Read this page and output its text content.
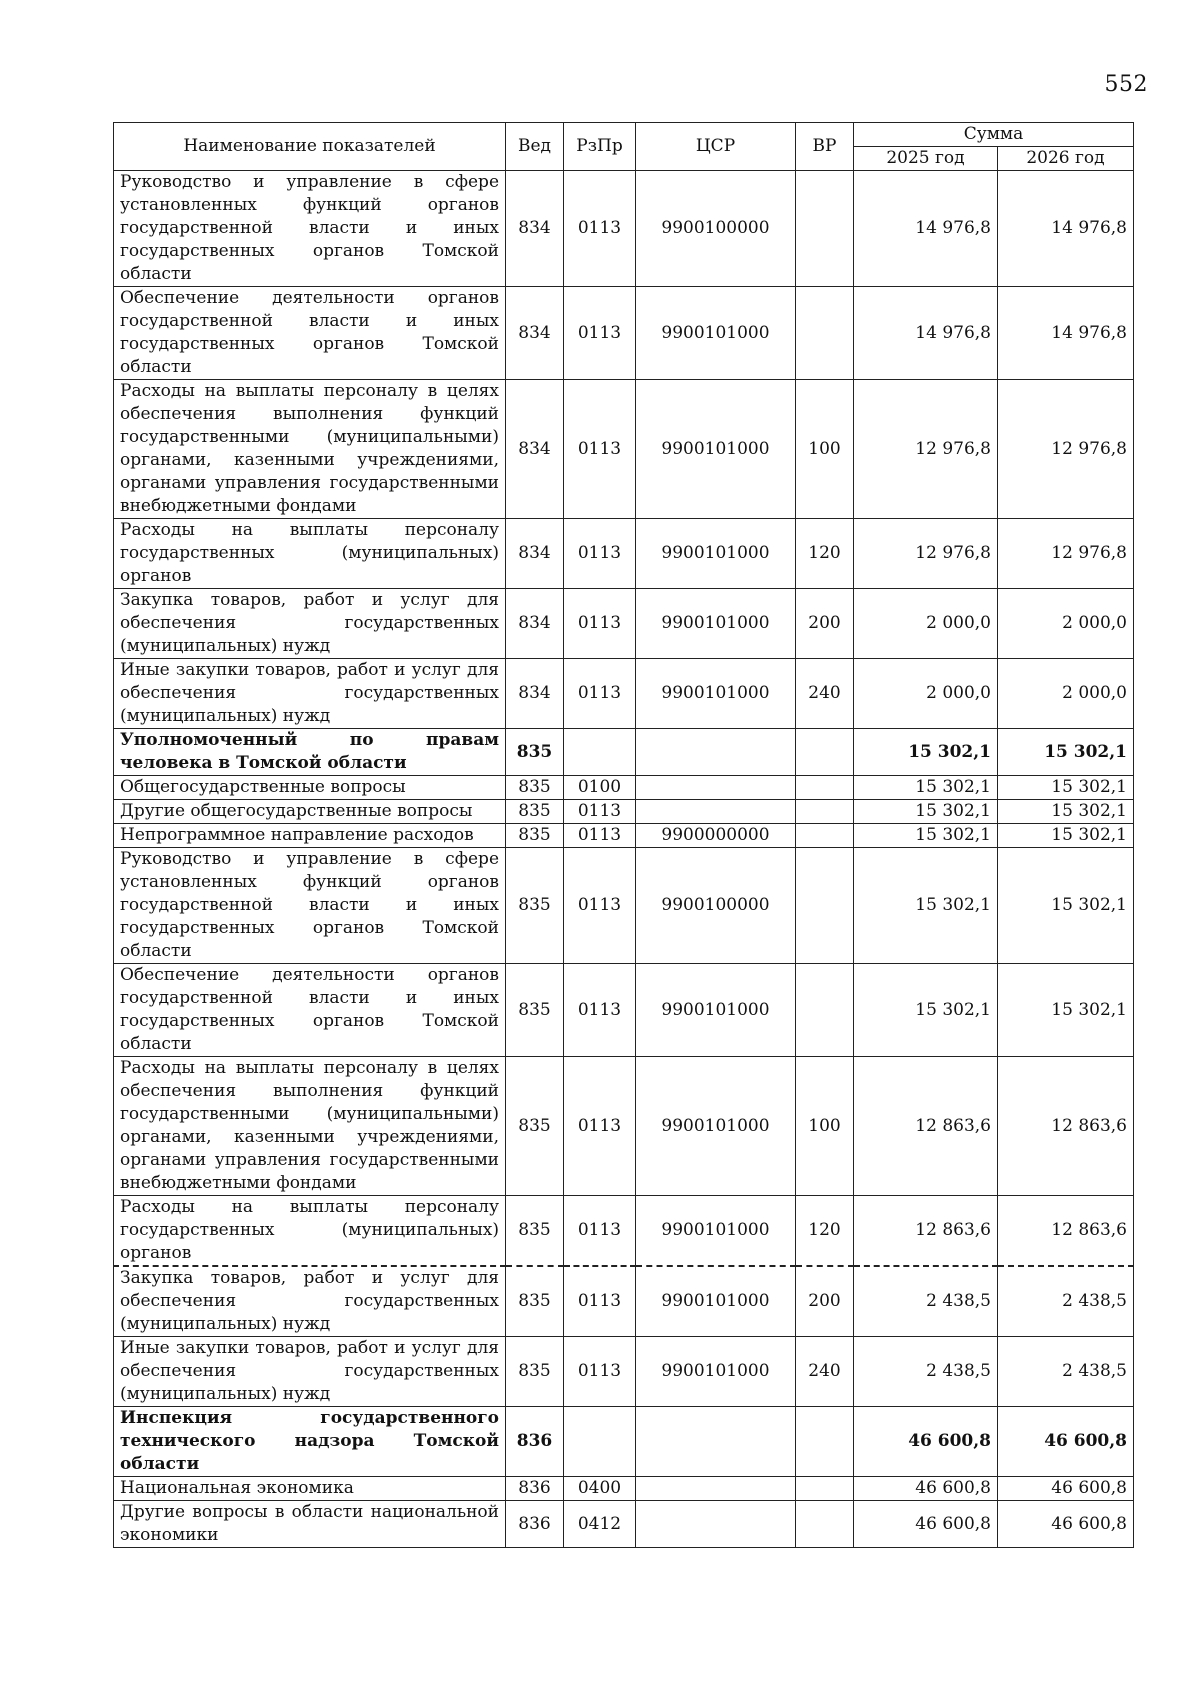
552
Наименование показателей	Вед	РзПр	ЦСР	ВР	Сумма	
					2025 год	2026 год
Руководство и управление в сфере установленных функций органов государственной власти и иных государственных органов Томской области	834	0113	9900100000		14 976,8	14 976,8
Обеспечение деятельности органов государственной власти и иных государственных органов Томской области	834	0113	9900101000		14 976,8	14 976,8
Расходы на выплаты персоналу в целях обеспечения выполнения функций государственными (муниципальными) органами, казенными учреждениями, органами управления государственными внебюджетными фондами	834	0113	9900101000	100	12 976,8	12 976,8
Расходы на выплаты персоналу государственных (муниципальных) органов	834	0113	9900101000	120	12 976,8	12 976,8
Закупка товаров, работ и услуг для обеспечения государственных (муниципальных) нужд	834	0113	9900101000	200	2 000,0	2 000,0
Иные закупки товаров, работ и услуг для обеспечения государственных (муниципальных) нужд	834	0113	9900101000	240	2 000,0	2 000,0
Уполномоченный по правам человека в Томской области	835				15 302,1	15 302,1
Общегосударственные вопросы	835	0100			15 302,1	15 302,1
Другие общегосударственные вопросы	835	0113			15 302,1	15 302,1
Непрограммное направление расходов	835	0113	9900000000		15 302,1	15 302,1
Руководство и управление в сфере установленных функций органов государственной власти и иных государственных органов Томской области	835	0113	9900100000		15 302,1	15 302,1
Обеспечение деятельности органов государственной власти и иных государственных органов Томской области	835	0113	9900101000		15 302,1	15 302,1
Расходы на выплаты персоналу в целях обеспечения выполнения функций государственными (муниципальными) органами, казенными учреждениями, органами управления государственными внебюджетными фондами	835	0113	9900101000	100	12 863,6	12 863,6
Расходы на выплаты персоналу государственных (муниципальных) органов	835	0113	9900101000	120	12 863,6	12 863,6
Закупка товаров, работ и услуг для обеспечения государственных (муниципальных) нужд	835	0113	9900101000	200	2 438,5	2 438,5
Иные закупки товаров, работ и услуг для обеспечения государственных (муниципальных) нужд	835	0113	9900101000	240	2 438,5	2 438,5
Инспекция государственного технического надзора Томской области	836				46 600,8	46 600,8
Национальная экономика	836	0400			46 600,8	46 600,8
Другие вопросы в области национальной экономики	836	0412			46 600,8	46 600,8
